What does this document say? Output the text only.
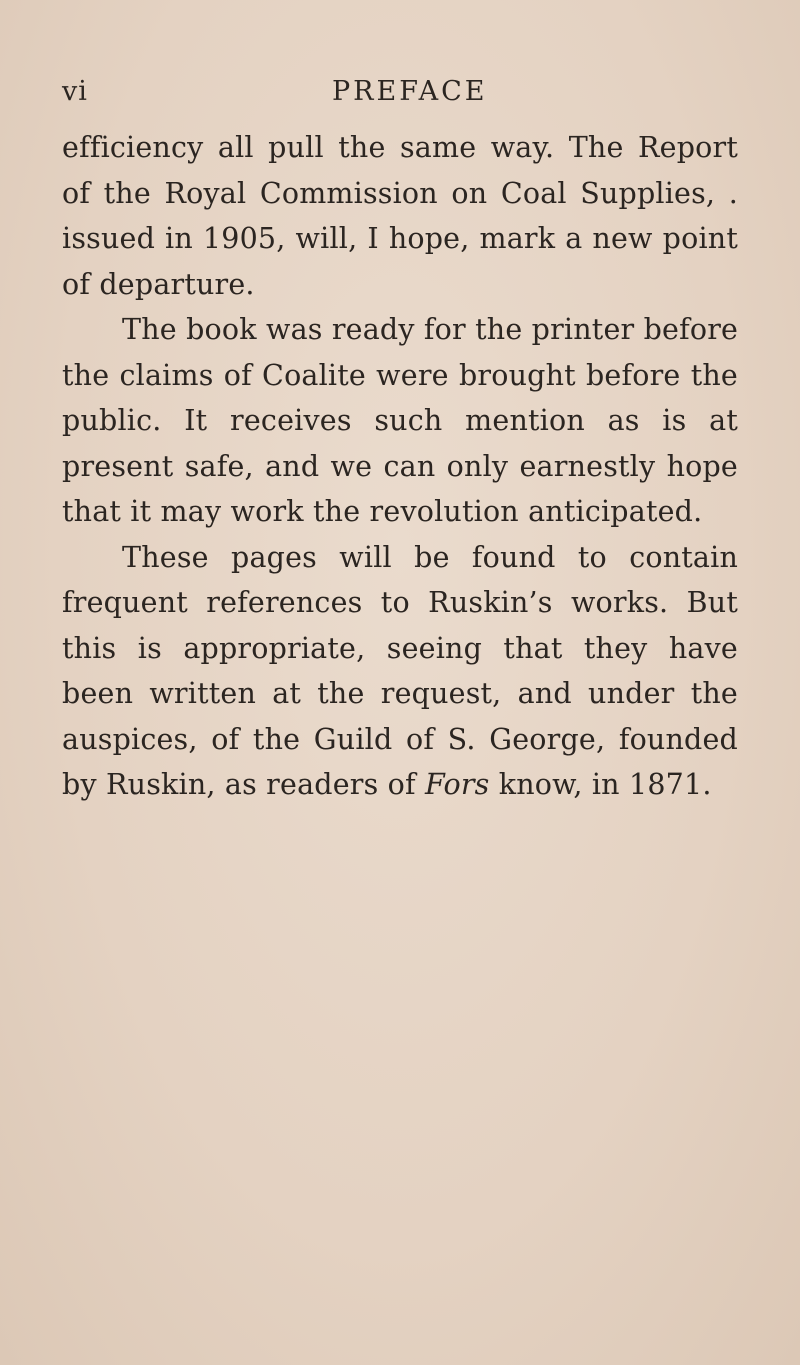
vi	PREFACE
efficiency all pull the same way. The Report
of the Royal Commission on Coal Supplies, .
issued in 1905, will, I hope, mark a new point
of departure.
The book was ready for the printer before
the claims of Coalite were brought before the
public. It receives such mention as is at
present safe, and we can only earnestly hope
that it may work the revolution anticipated.
These pages will be found to contain
frequent references to Ruskin’s works. But
this is appropriate, seeing that they have
been written at the request, and under the
auspices, of the Guild of S. George, founded
by Ruskin, as readers of Fors know, in 1871.
